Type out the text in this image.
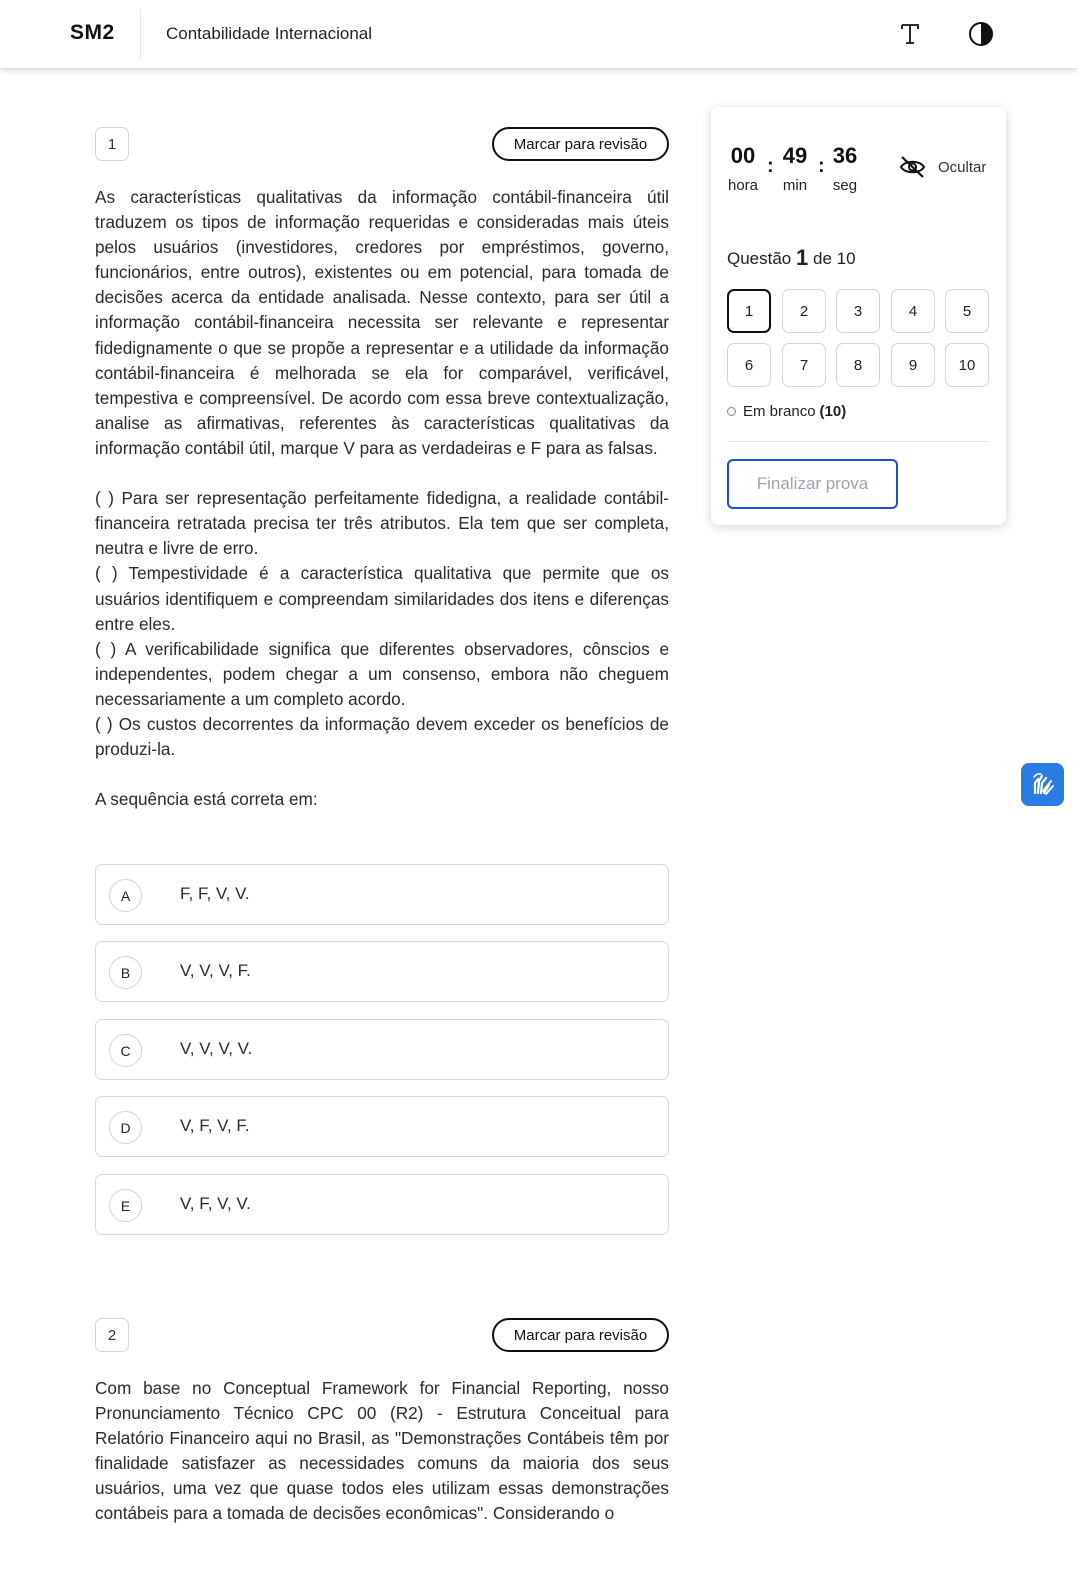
SM2	Contabilidade Internacional
1	Marcar para revisão

As características qualitativas da informação contábil-financeira útil traduzem os tipos de informação requeridas e consideradas mais úteis pelos usuários (investidores, credores por empréstimos, governo, funcionários, entre outros), existentes ou em potencial, para tomada de decisões acerca da entidade analisada. Nesse contexto, para ser útil a informação contábil-financeira necessita ser relevante e representar fidedignamente o que se propõe a representar e a utilidade da informação contábil-financeira é melhorada se ela for comparável, verificável, tempestiva e compreensível. De acordo com essa breve contextualização, analise as afirmativas, referentes às características qualitativas da informação contábil útil, marque V para as verdadeiras e F para as falsas.

( ) Para ser representação perfeitamente fidedigna, a realidade contábil-financeira retratada precisa ter três atributos. Ela tem que ser completa, neutra e livre de erro.

( ) Tempestividade é a característica qualitativa que permite que os usuários identifiquem e compreendam similaridades dos itens e diferenças entre eles.

( ) A verificabilidade significa que diferentes observadores, cônscios e independentes, podem chegar a um consenso, embora não cheguem necessariamente a um completo acordo.

( ) Os custos decorrentes da informação devem exceder os benefícios de produzi-la.

A sequência está correta em:

A	F, F, V, V.
B	V, V, V, F.
C	V, V, V, V.
D	V, F, V, F.
E	V, F, V, V.
2	Marcar para revisão

Com base no Conceptual Framework for Financial Reporting, nosso Pronunciamento Técnico CPC 00 (R2) - Estrutura Conceitual para Relatório Financeiro aqui no Brasil, as "Demonstrações Contábeis têm por finalidade satisfazer as necessidades comuns da maioria dos seus usuários, uma vez que quase todos eles utilizam essas demonstrações contábeis para a tomada de decisões econômicas". Considerando o

00 : 49 : 36
hora	min	seg
Ocultar
Questão 1 de 10
1	2	3	4	5
6	7	8	9	10
Em branco (10)
Finalizar prova
